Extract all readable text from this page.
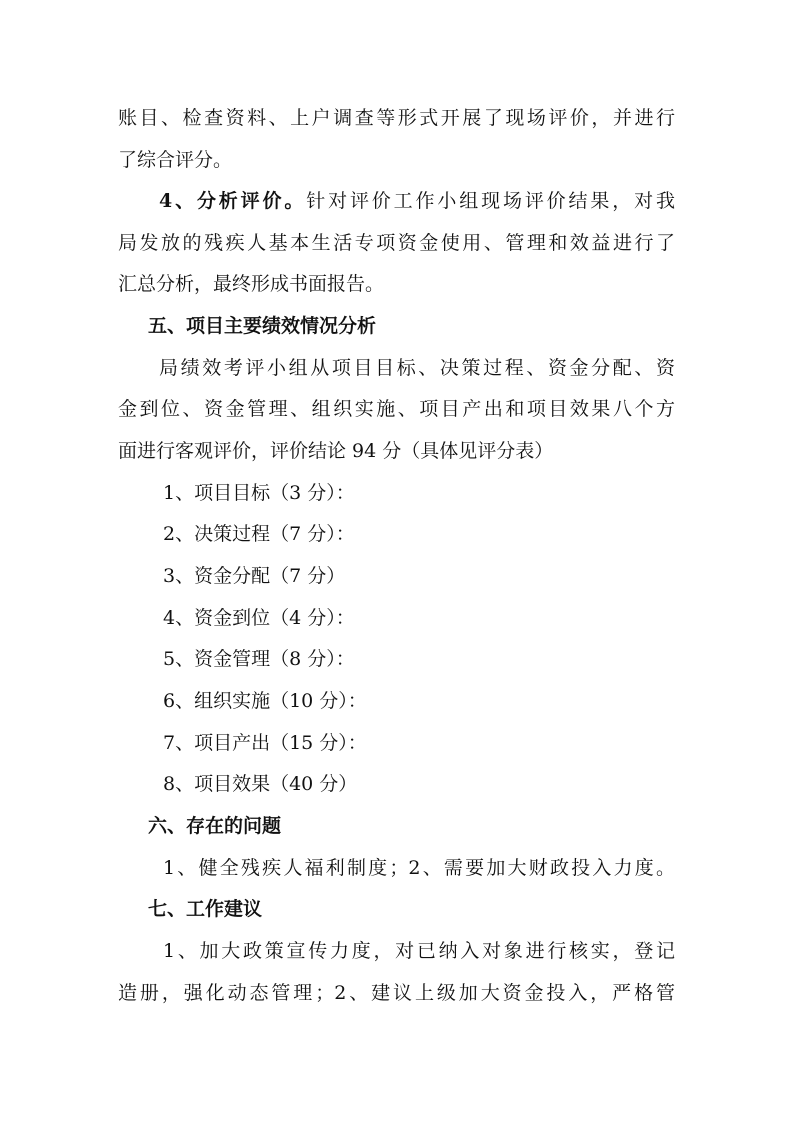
账目、检查资料、上户调查等形式开展了现场评价，并进行
了综合评分。
4、分析评价。针对评价工作小组现场评价结果，对我
局发放的残疾人基本生活专项资金使用、管理和效益进行了
汇总分析，最终形成书面报告。
五、项目主要绩效情况分析
局绩效考评小组从项目目标、决策过程、资金分配、资
金到位、资金管理、组织实施、项目产出和项目效果八个方
面进行客观评价，评价结论 94 分（具体见评分表）
1、项目目标（3 分）：
2、决策过程（7 分）：
3、资金分配（7 分）
4、资金到位（4 分）：
5、资金管理（8 分）：
6、组织实施（10 分）：
7、项目产出（15 分）：
8、项目效果（40 分）
六、存在的问题
1、健全残疾人福利制度；2、需要加大财政投入力度。
七、工作建议
1、加大政策宣传力度，对已纳入对象进行核实，登记
造册，强化动态管理；2、建议上级加大资金投入，严格管
